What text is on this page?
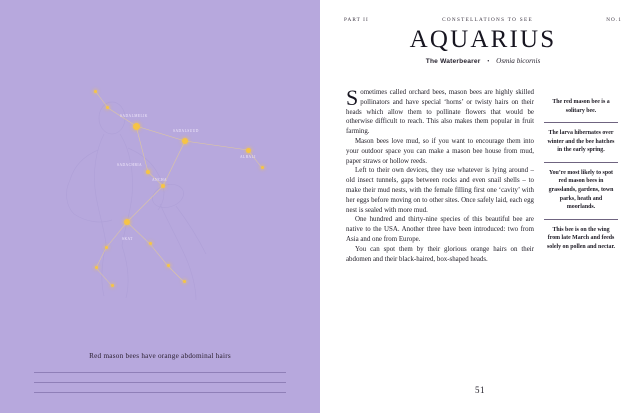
SADALMELIK
SADALSUUD
ALBALI
SADACHBIA
ANCHA
SKAT
Red mason bees have orange abdominal hairs
PART II	CONSTELLATIONS TO SEE	NO.1
AQUARIUS
The Waterbearer • Osmia bicornis

Sometimes called orchard bees, mason bees are highly skilled pollinators and have special ‘horns’ or twisty hairs on their heads which allow them to pollinate flowers that would be otherwise difficult to reach. This also makes them popular in fruit farming.

Mason bees love mud, so if you want to encourage them into your outdoor space you can make a mason bee house from mud, paper straws or hollow reeds.

Left to their own devices, they use whatever is lying around – old insect tunnels, gaps between rocks and even snail shells – to make their mud nests, with the female filling first one ‘cavity’ with her eggs before moving on to other sites. Once safely laid, each egg nest is sealed with more mud.

One hundred and thirty-nine species of this beautiful bee are native to the USA. Another three have been introduced: two from Asia and one from Europe.

You can spot them by their glorious orange hairs on their abdomen and their black-haired, box-shaped heads.

The red mason bee is a solitary bee.
The larva hibernates over winter and the bee hatches in the early spring.
You’re most likely to spot red mason bees in grasslands, gardens, town parks, heath and moorlands.
This bee is on the wing from late March and feeds solely on pollen and nectar.
51
